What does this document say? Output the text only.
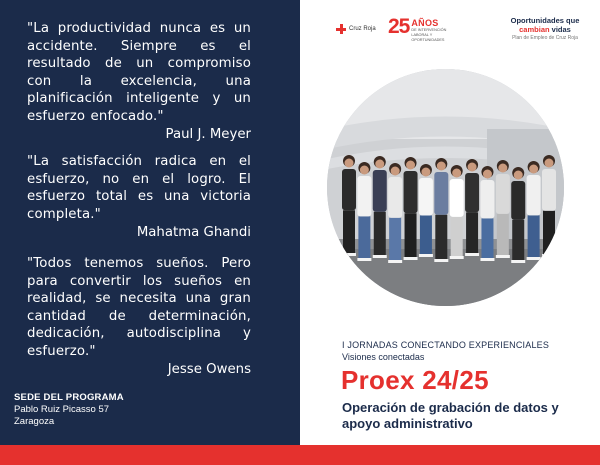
"La productividad nunca es un accidente. Siempre es el resultado de un compromiso con la excelencia, una planificación inteligente y un esfuerzo enfocado."

Paul J. Meyer

"La satisfacción radica en el esfuerzo, no en el logro. El esfuerzo total es una victoria completa."

Mahatma Ghandi

"Todos tenemos sueños. Pero para convertir los sueños en realidad, se necesita una gran cantidad de determinación, dedicación, autodisciplina y esfuerzo."

Jesse Owens

SEDE DEL PROGRAMA
Pablo Ruiz Picasso 57
Zaragoza
Cruz Roja 25 AÑOS
DE INTERVENCIÓN LABORAL Y OPORTUNIDADES
Oportunidades que
cambian vidas
Plan de Empleo de Cruz Roja
I JORNADAS CONECTANDO EXPERIENCIALES
Visiones conectadas
Proex 24/25
Operación de grabación de datos y apoyo administrativo
